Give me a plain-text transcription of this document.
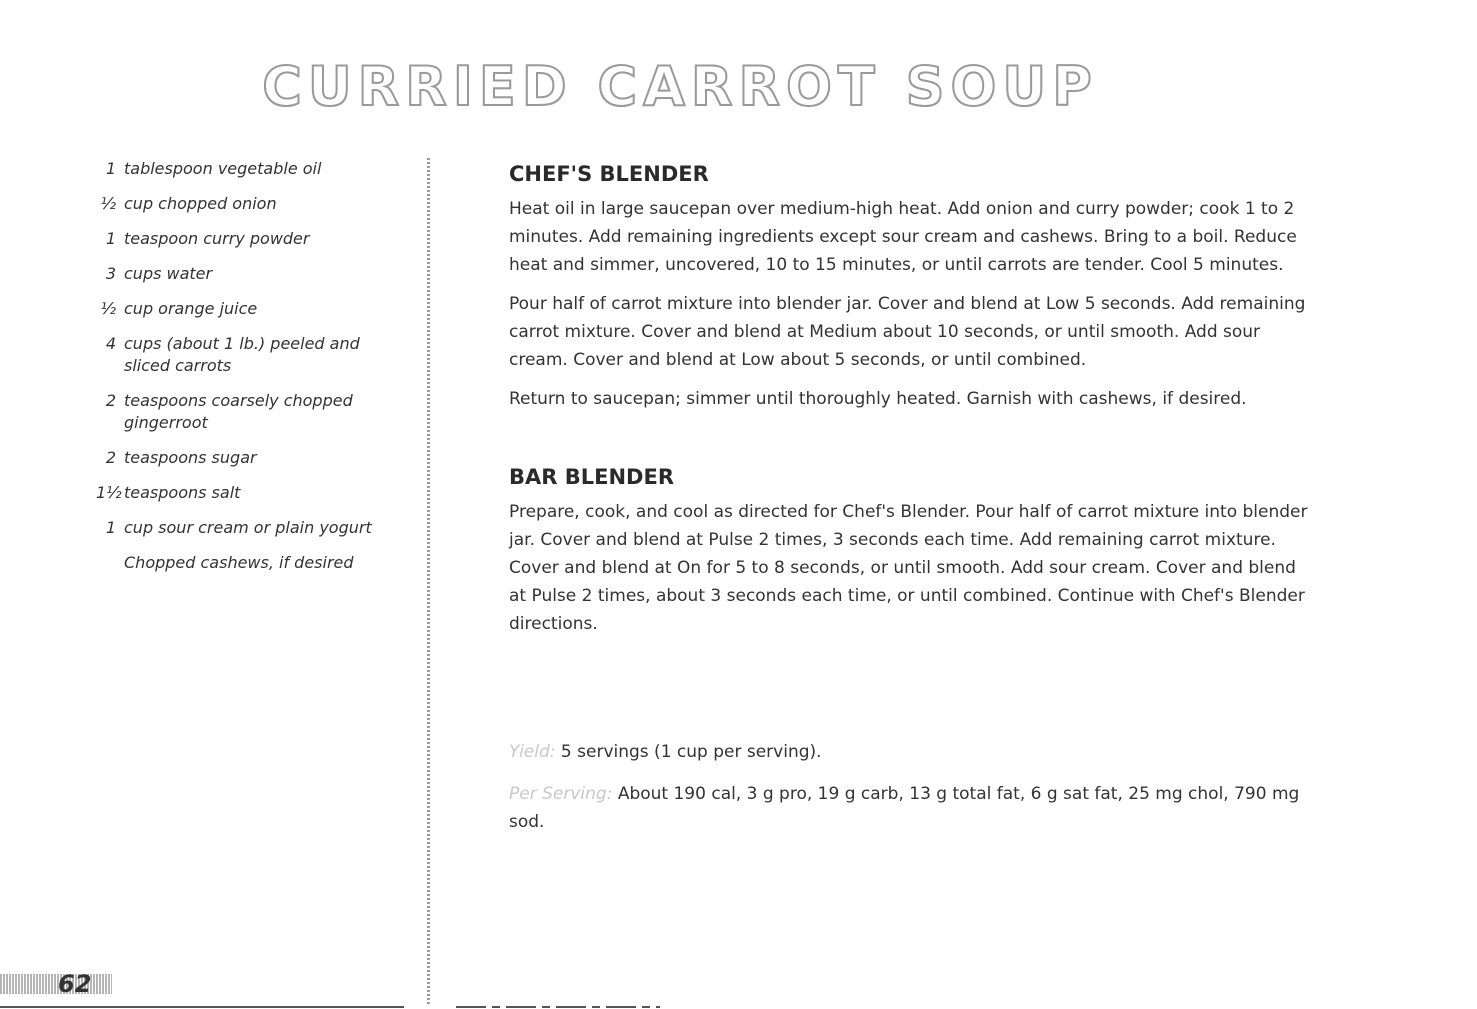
CURRIED CARROT SOUP
1 tablespoon vegetable oil
½ cup chopped onion
1 teaspoon curry powder
3 cups water
½ cup orange juice
4 cups (about 1 lb.) peeled and sliced carrots
2 teaspoons coarsely chopped gingerroot
2 teaspoons sugar
1½ teaspoons salt
1 cup sour cream or plain yogurt
Chopped cashews, if desired
CHEF'S BLENDER

Heat oil in large saucepan over medium-high heat. Add onion and curry powder; cook 1 to 2 minutes. Add remaining ingredients except sour cream and cashews. Bring to a boil. Reduce heat and simmer, uncovered, 10 to 15 minutes, or until carrots are tender. Cool 5 minutes.

Pour half of carrot mixture into blender jar. Cover and blend at Low 5 seconds. Add remaining carrot mixture. Cover and blend at Medium about 10 seconds, or until smooth. Add sour cream. Cover and blend at Low about 5 seconds, or until combined.

Return to saucepan; simmer until thoroughly heated. Garnish with cashews, if desired.

BAR BLENDER

Prepare, cook, and cool as directed for Chef's Blender. Pour half of carrot mixture into blender jar. Cover and blend at Pulse 2 times, 3 seconds each time. Add remaining carrot mixture. Cover and blend at On for 5 to 8 seconds, or until smooth. Add sour cream. Cover and blend at Pulse 2 times, about 3 seconds each time, or until combined. Continue with Chef's Blender directions.

Yield: 5 servings (1 cup per serving).

Per Serving: About 190 cal, 3 g pro, 19 g carb, 13 g total fat, 6 g sat fat, 25 mg chol, 790 mg sod.

62
